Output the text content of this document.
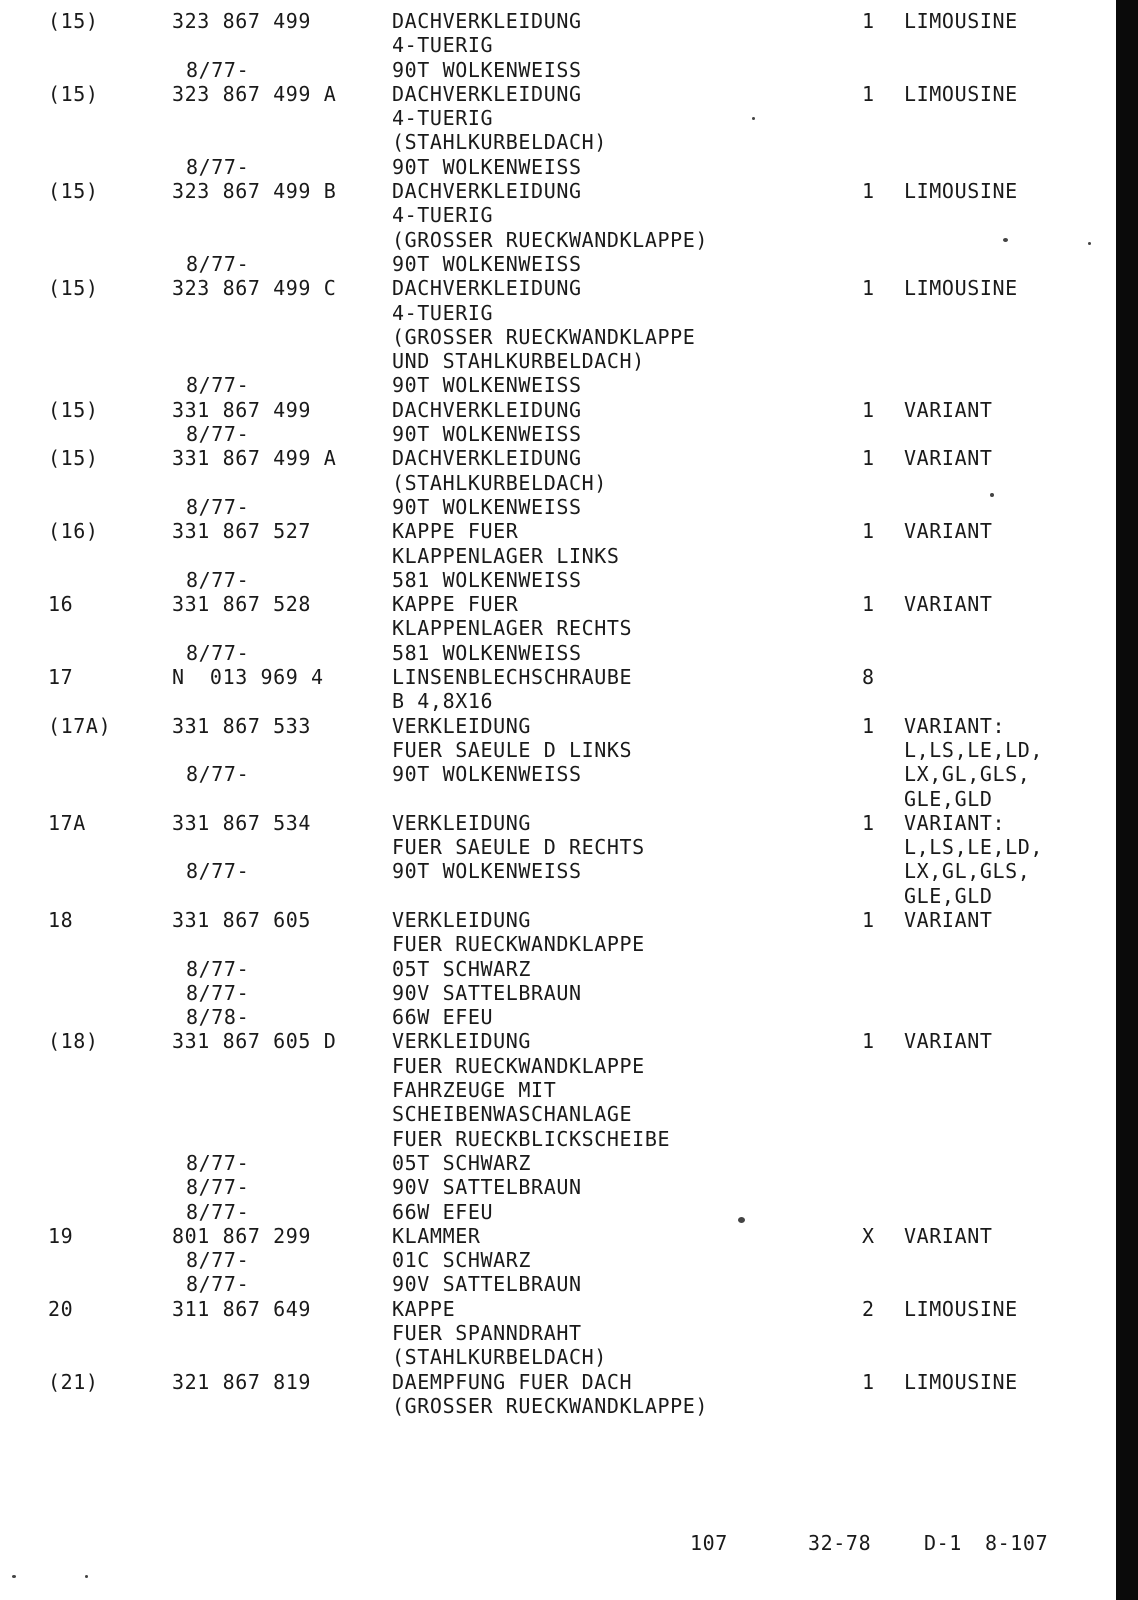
(15)	323 867 499	DACHVERKLEIDUNG	1 LIMOUSINE
4-TUERIG
8/77-	90T WOLKENWEISS
(15)	323 867 499 A	DACHVERKLEIDUNG	1 LIMOUSINE
4-TUERIG
(STAHLKURBELDACH)
8/77-	90T WOLKENWEISS
(15)	323 867 499 B	DACHVERKLEIDUNG	1 LIMOUSINE
4-TUERIG
(GROSSER RUECKWANDKLAPPE)
8/77-	90T WOLKENWEISS
(15)	323 867 499 C	DACHVERKLEIDUNG	1 LIMOUSINE
4-TUERIG
(GROSSER RUECKWANDKLAPPE
UND STAHLKURBELDACH)
8/77-	90T WOLKENWEISS
(15)	331 867 499	DACHVERKLEIDUNG	1 VARIANT
8/77-	90T WOLKENWEISS
(15)	331 867 499 A	DACHVERKLEIDUNG	1 VARIANT
(STAHLKURBELDACH)
8/77-	90T WOLKENWEISS
(16)	331 867 527	KAPPE FUER	1 VARIANT
KLAPPENLAGER LINKS
8/77-	581 WOLKENWEISS
16	331 867 528	KAPPE FUER	1 VARIANT
KLAPPENLAGER RECHTS
8/77-	581 WOLKENWEISS
17	N  013 969 4	LINSENBLECHSCHRAUBE	8
B 4,8X16
(17A)	331 867 533	VERKLEIDUNG	1 VARIANT:
FUER SAEULE D LINKS	L,LS,LE,LD,
8/77-	90T WOLKENWEISS	LX,GL,GLS,
GLE,GLD
17A	331 867 534	VERKLEIDUNG	1 VARIANT:
FUER SAEULE D RECHTS	L,LS,LE,LD,
8/77-	90T WOLKENWEISS	LX,GL,GLS,
GLE,GLD
18	331 867 605	VERKLEIDUNG	1 VARIANT
FUER RUECKWANDKLAPPE
8/77-	05T SCHWARZ
8/77-	90V SATTELBRAUN
8/78-	66W EFEU
(18)	331 867 605 D	VERKLEIDUNG	1 VARIANT
FUER RUECKWANDKLAPPE
FAHRZEUGE MIT
SCHEIBENWASCHANLAGE
FUER RUECKBLICKSCHEIBE
8/77-	05T SCHWARZ
8/77-	90V SATTELBRAUN
8/77-	66W EFEU
19	801 867 299	KLAMMER	X VARIANT
8/77-	01C SCHWARZ
8/77-	90V SATTELBRAUN
20	311 867 649	KAPPE	2 LIMOUSINE
FUER SPANNDRAHT
(STAHLKURBELDACH)
(21)	321 867 819	DAEMPFUNG FUER DACH	1 LIMOUSINE
(GROSSER RUECKWANDKLAPPE)
107	32-78	D-1 8-107
